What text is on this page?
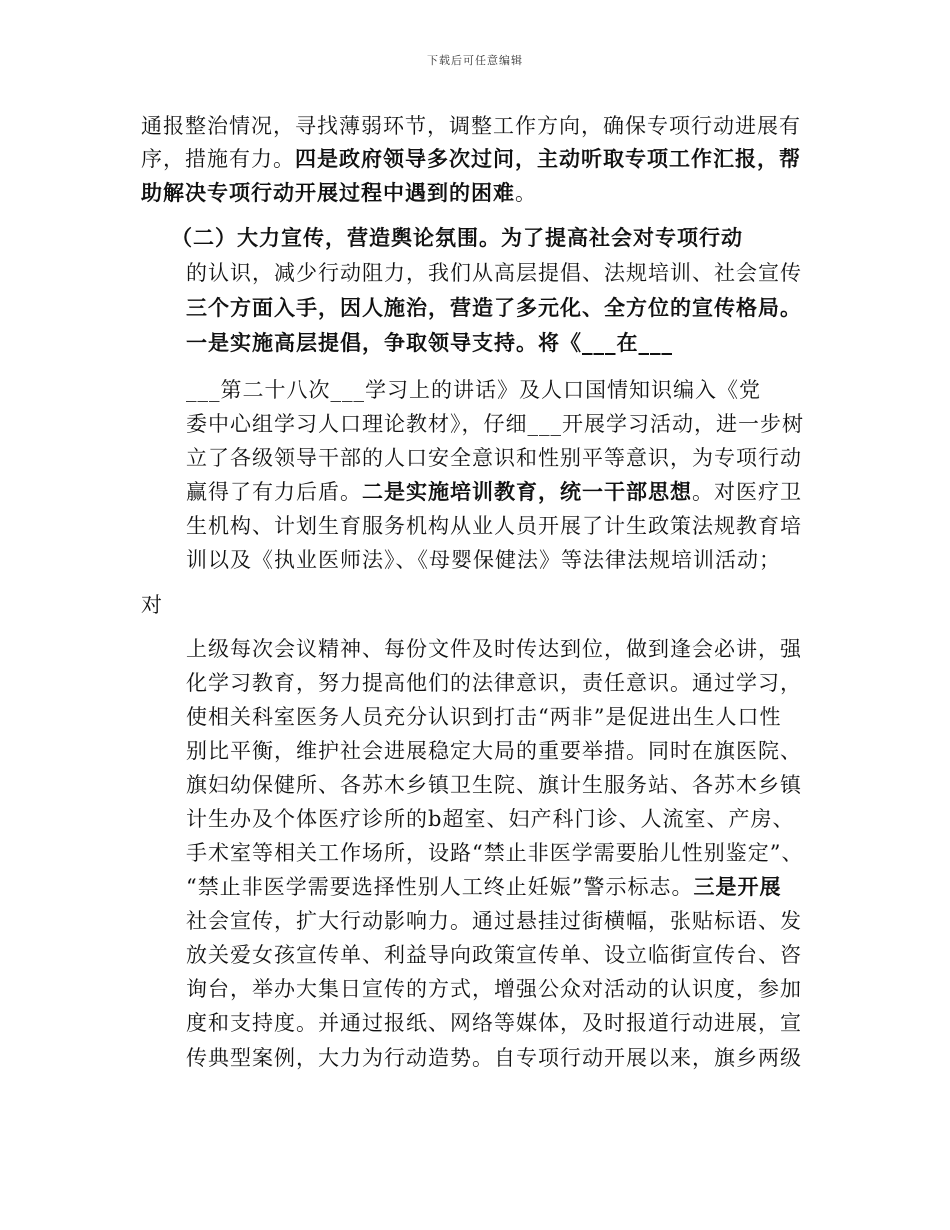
下载后可任意编辑
通报整治情况，寻找薄弱环节，调整工作方向，确保专项行动进展有
序，措施有力。四是政府领导多次过问，主动听取专项工作汇报，帮
助解决专项行动开展过程中遇到的困难。
（二）大力宣传，营造舆论氛围。为了提高社会对专项行动
的认识，减少行动阻力，我们从高层提倡、法规培训、社会宣传
三个方面入手，因人施治，营造了多元化、全方位的宣传格局。
一是实施高层提倡，争取领导支持。将《___在___
___第二十八次___学习上的讲话》及人口国情知识编入《党
委中心组学习人口理论教材》，仔细___开展学习活动，进一步树
立了各级领导干部的人口安全意识和性别平等意识，为专项行动
赢得了有力后盾。二是实施培训教育，统一干部思想。对医疗卫
生机构、计划生育服务机构从业人员开展了计生政策法规教育培
训以及《执业医师法》、《母婴保健法》等法律法规培训活动；
对
上级每次会议精神、每份文件及时传达到位，做到逢会必讲，强
化学习教育，努力提高他们的法律意识，责任意识。通过学习，
使相关科室医务人员充分认识到打击“两非”是促进出生人口性
别比平衡，维护社会进展稳定大局的重要举措。同时在旗医院、
旗妇幼保健所、各苏木乡镇卫生院、旗计生服务站、各苏木乡镇
计生办及个体医疗诊所的b超室、妇产科门诊、人流室、产房、
手术室等相关工作场所，设路“禁止非医学需要胎儿性别鉴定”、
“禁止非医学需要选择性别人工终止妊娠”警示标志。三是开展
社会宣传，扩大行动影响力。通过悬挂过街横幅，张贴标语、发
放关爱女孩宣传单、利益导向政策宣传单、设立临街宣传台、咨
询台，举办大集日宣传的方式，增强公众对活动的认识度，参加
度和支持度。并通过报纸、网络等媒体，及时报道行动进展，宣
传典型案例，大力为行动造势。自专项行动开展以来，旗乡两级
